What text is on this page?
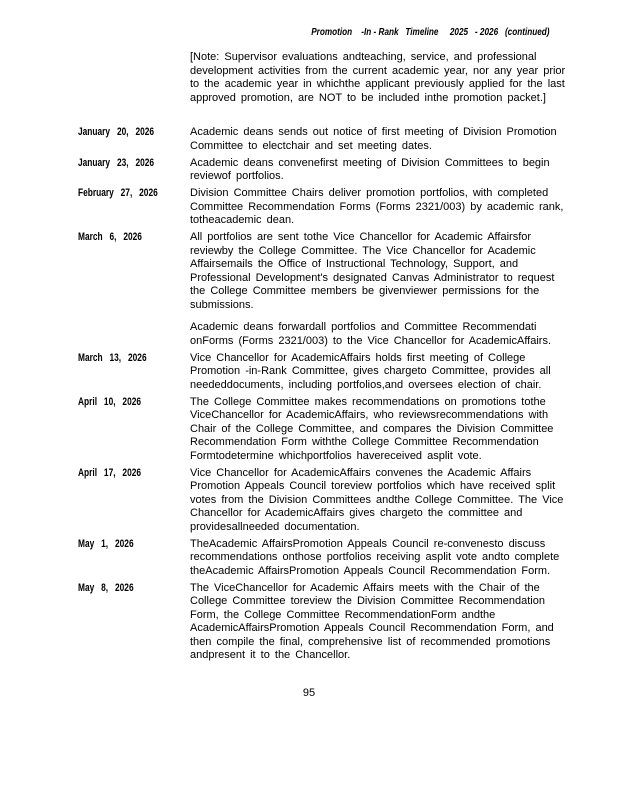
Promotion    -In - Rank   Timeline     2025   - 2026   (continued)
[Note: Supervisor evaluations andteaching, service, and professional development activities from the current academic year, nor any year prior to the academic year in whichthe applicant previously applied for the last approved promotion, are NOT to be included inthe promotion packet.]
January 20, 2026	Academic deans sends out notice of first meeting of Division Promotion Committee to electchair and set meeting dates.

January 23, 2026	Academic deans convenefirst meeting of Division Committees to begin reviewof portfolios.

February 27, 2026	Division Committee Chairs deliver promotion portfolios, with completed Committee Recommendation Forms (Forms 2321/003) by academic rank, totheacademic dean.

March 6, 2026	All portfolios are sent tothe Vice Chancellor for Academic Affairsfor reviewby the College Committee. The Vice Chancellor for Academic Affairsemails the Office of Instructional Technology, Support, and Professional Development's designated Canvas Administrator to request the College Committee members be givenviewer permissions for the submissions.

Academic deans forwardall portfolios and Committee Recommendati onForms (Forms 2321/003) to the Vice Chancellor for AcademicAffairs.

March 13, 2026	Vice Chancellor for AcademicAffairs holds first meeting of College Promotion -in-Rank Committee, gives chargeto Committee, provides all neededdocuments, including portfolios,and oversees election of chair.

April 10, 2026	The College Committee makes recommendations on promotions tothe ViceChancellor for AcademicAffairs, who reviewsrecommendations with Chair of the College Committee, and compares the Division Committee Recommendation Form withthe College Committee Recommendation Formtodetermine whichportfolios havereceived asplit vote.

April 17, 2026	Vice Chancellor for AcademicAffairs convenes the Academic Affairs Promotion Appeals Council toreview portfolios which have received split votes from the Division Committees andthe College Committee. The Vice Chancellor for AcademicAffairs gives chargeto the committee and providesallneeded documentation.

May 1, 2026	TheAcademic AffairsPromotion Appeals Council re-convenesto discuss recommendations onthose portfolios receiving asplit vote andto complete theAcademic AffairsPromotion Appeals Council Recommendation Form.

May 8, 2026	The ViceChancellor for Academic Affairs meets with the Chair of the College Committee toreview the Division Committee Recommendation Form, the College Committee RecommendationForm andthe AcademicAffairsPromotion Appeals Council Recommendation Form, and then compile the final, comprehensive list of recommended promotions andpresent it to the Chancellor.

95
